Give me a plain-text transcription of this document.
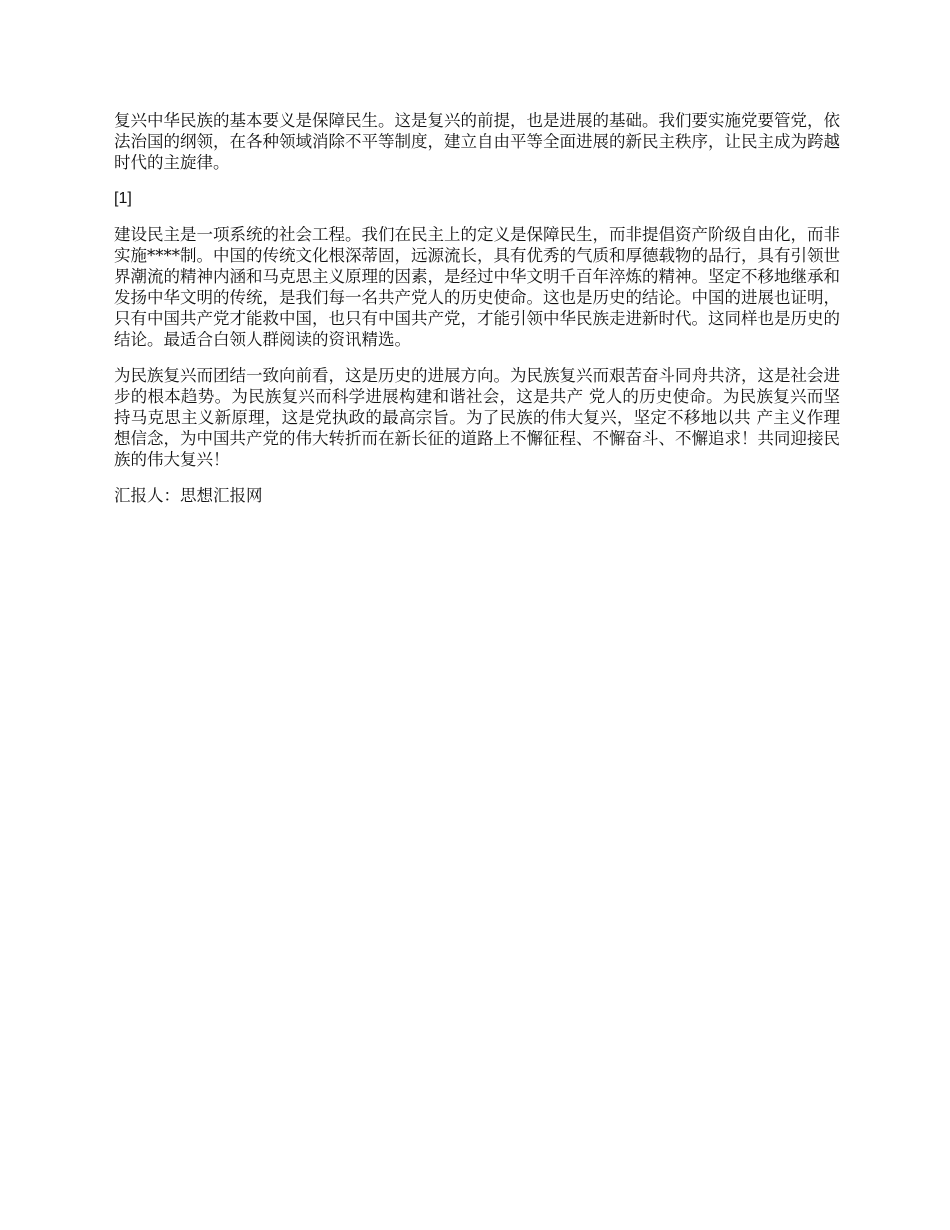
复兴中华民族的基本要义是保障民生。这是复兴的前提，也是进展的基础。我们要实施党要管党，依法治国的纲领，在各种领域消除不平等制度，建立自由平等全面进展的新民主秩序，让民主成为跨越时代的主旋律。

[1]

建设民主是一项系统的社会工程。我们在民主上的定义是保障民生，而非提倡资产阶级自由化，而非实施****制。中国的传统文化根深蒂固，远源流长，具有优秀的气质和厚德载物的品行，具有引领世界潮流的精神内涵和马克思主义原理的因素，是经过中华文明千百年淬炼的精神。坚定不移地继承和发扬中华文明的传统，是我们每一名共产党人的历史使命。这也是历史的结论。中国的进展也证明，只有中国共产党才能救中国，也只有中国共产党，才能引领中华民族走进新时代。这同样也是历史的结论。最适合白领人群阅读的资讯精选。

为民族复兴而团结一致向前看，这是历史的进展方向。为民族复兴而艰苦奋斗同舟共济，这是社会进步的根本趋势。为民族复兴而科学进展构建和谐社会，这是共产 党人的历史使命。为民族复兴而坚持马克思主义新原理，这是党执政的最高宗旨。为了民族的伟大复兴，坚定不移地以共 产主义作理想信念，为中国共产党的伟大转折而在新长征的道路上不懈征程、不懈奋斗、不懈追求！共同迎接民族的伟大复兴！

汇报人：思想汇报网
